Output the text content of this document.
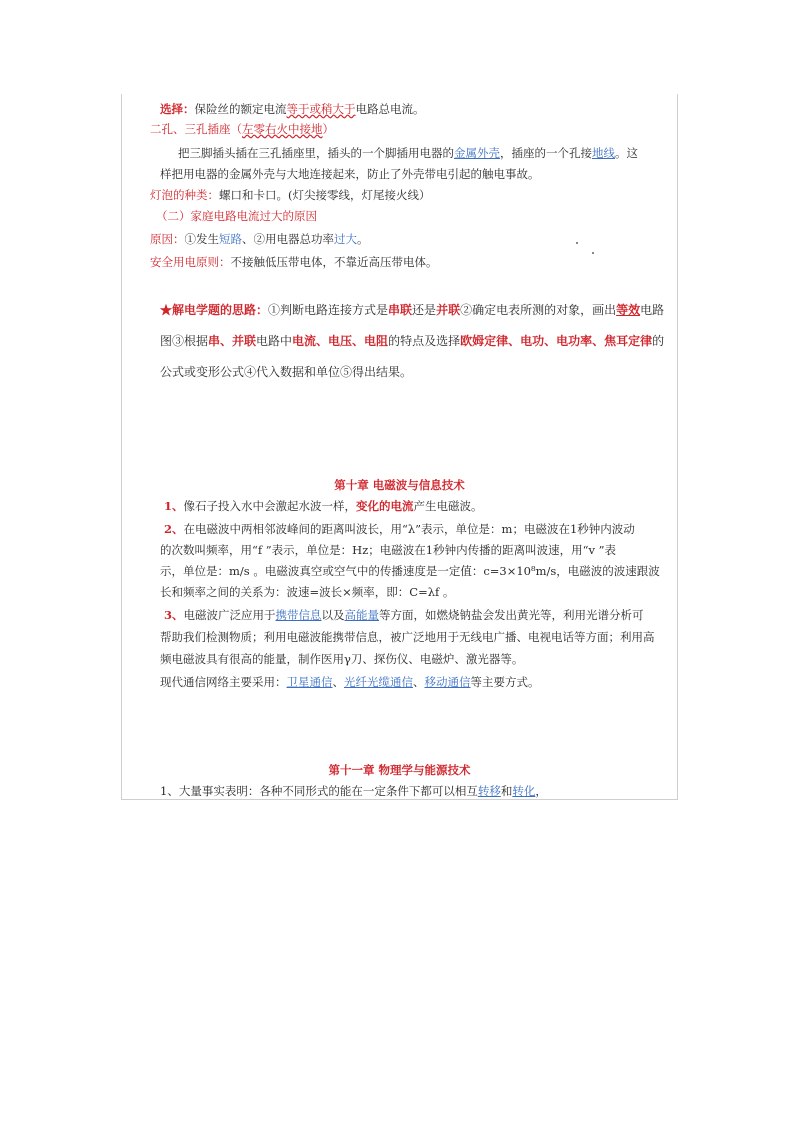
选择：保险丝的额定电流等于或稍大于电路总电流。
二孔、三孔插座（左零右火中接地）
把三脚插头插在三孔插座里，插头的一个脚插用电器的金属外壳，插座的一个孔接地线。这
样把用电器的金属外壳与大地连接起来，防止了外壳带电引起的触电事故。
灯泡的种类：螺口和卡口。(灯尖接零线，灯尾接火线）
（二）家庭电路电流过大的原因
原因：①发生短路、②用电器总功率过大。
安全用电原则：不接触低压带电体，不靠近高压带电体。
★解电学题的思路：①判断电路连接方式是串联还是并联②确定电表所测的对象，画出等效电路
图③根据串、并联电路中电流、电压、电阻的特点及选择欧姆定律、电功、电功率、焦耳定律的
公式或变形公式④代入数据和单位⑤得出结果。
第十章 电磁波与信息技术
1、像石子投入水中会激起水波一样，变化的电流产生电磁波。
2、在电磁波中两相邻波峰间的距离叫波长，用“λ”表示，单位是：m；电磁波在1秒钟内波动
的次数叫频率，用“f ”表示，单位是：Hz；电磁波在1秒钟内传播的距离叫波速，用“v ”表
示，单位是：m/s 。电磁波真空或空气中的传播速度是一定值：c=3×10⁸m/s，电磁波的波速跟波
长和频率之间的关系为：波速=波长×频率，即：C=λf 。
3、电磁波广泛应用于携带信息以及高能量等方面，如燃烧钠盐会发出黄光等，利用光谱分析可
帮助我们检测物质；利用电磁波能携带信息，被广泛地用于无线电广播、电视电话等方面；利用高
频电磁波具有很高的能量，制作医用γ刀、探伤仪、电磁炉、激光器等。
现代通信网络主要采用：卫星通信、光纤光缆通信、移动通信等主要方式。
第十一章 物理学与能源技术
1、大量事实表明：各种不同形式的能在一定条件下都可以相互转移和转化，
